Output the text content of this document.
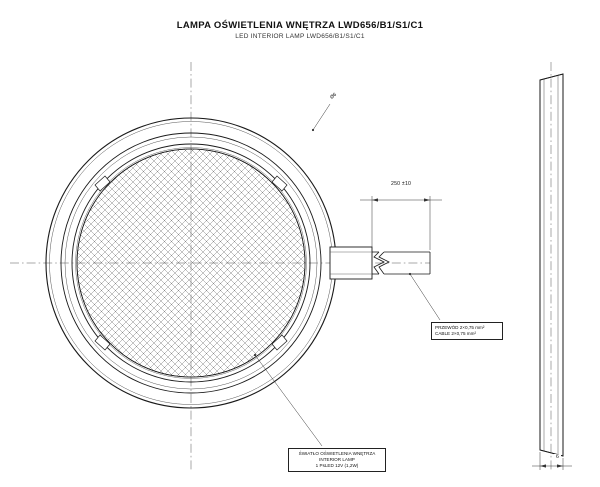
LAMPA OŚWIETLENIA WNĘTRZA LWD656/B1/S1/C1
LED INTERIOR LAMP LWD656/B1/S1/C1
Ø6
250 ±10
6
PRZEWÓD 2×0,75 mm²
CABLE 2×0,75 mm²
ŚWIATŁO OŚWIETLENIA WNĘTRZA
INTERIOR LAMP
1 PsLED 12V (1,2W)
